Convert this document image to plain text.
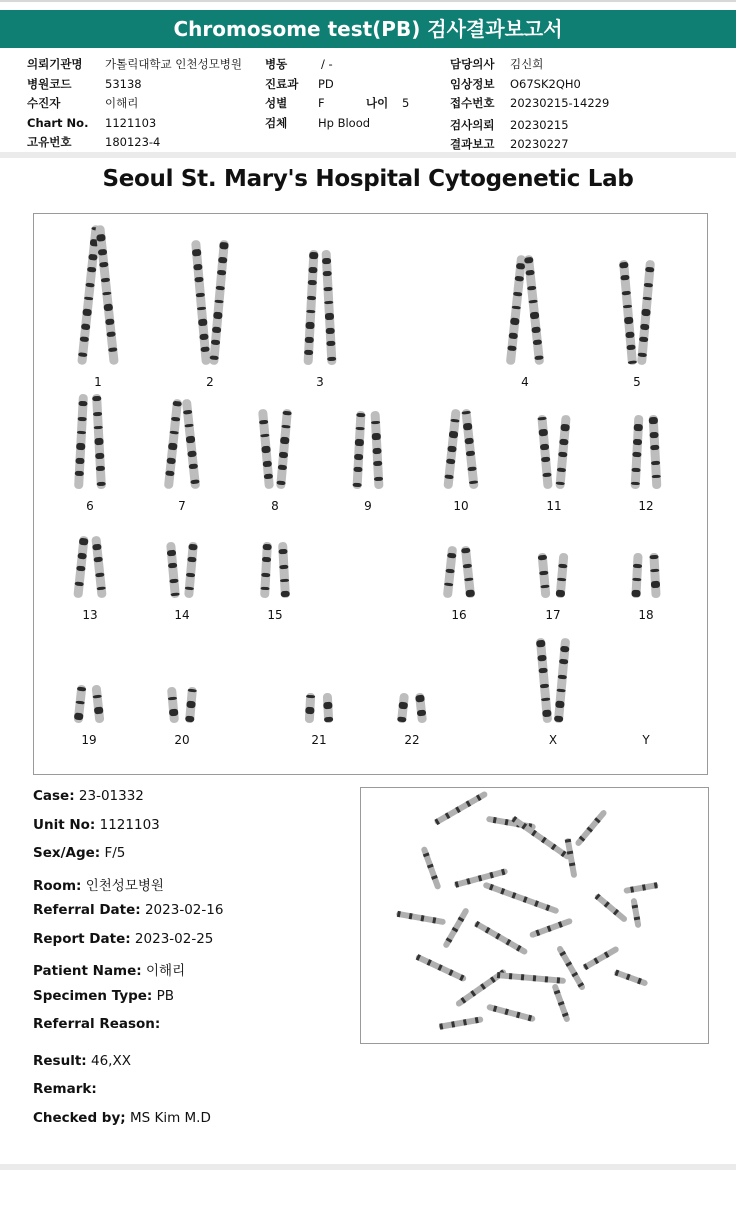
Chromosome test(PB) 검사결과보고서
의뢰기관명 가톨릭대학교 인천성모병원
병원코드	53138
수진자	이해리
Chart No. 1121103
고유번호	180123-4
병동	/ -
진료과 PD
성별	F	나이 5
검체	Hp Blood
담당의사 김신희
임상정보 O67SK2QH0
접수번호 20230215-14229
검사의뢰 20230215
결과보고 20230227
Seoul St. Mary's Hospital Cytogenetic Lab
1	2	3	4	5
6	7	8	9	10	11	12
13	14	15	16	17	18
19	20	21	22	X	Y
Case: 23-01332
Unit No: 1121103
Sex/Age: F/5
Room: 인천성모병원
Referral Date: 2023-02-16
Report Date: 2023-02-25
Patient Name: 이해리
Specimen Type: PB
Referral Reason:
Result: 46,XX
Remark:
Checked by; MS Kim M.D
